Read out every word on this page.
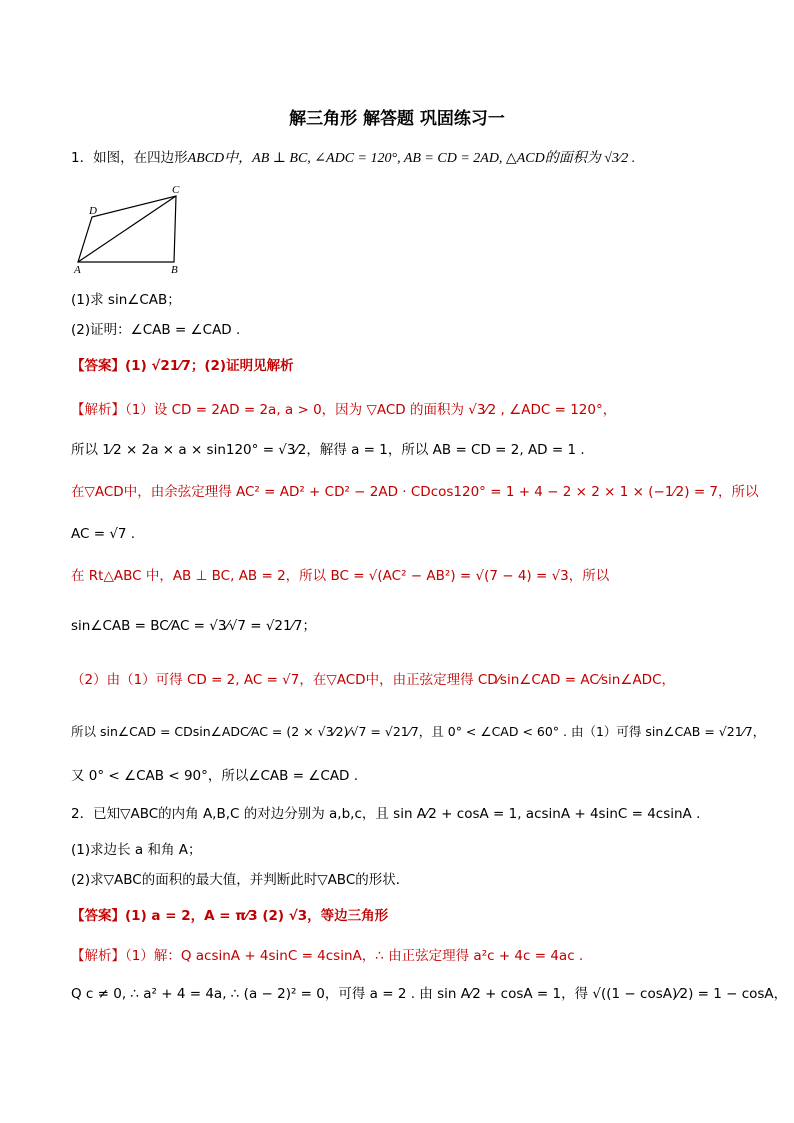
解三角形 解答题 巩固练习一
1．如图，在四边形ABCD中，AB ⊥ BC, ∠ADC = 120°, AB = CD = 2AD, △ACD的面积为 √3⁄2 .
D
C
A	B
(1)求 sin∠CAB；
(2)证明：∠CAB = ∠CAD .
【答案】(1) √21⁄7；(2)证明见解析
【解析】（1）设 CD = 2AD = 2a, a > 0，因为 ▽ACD 的面积为 √3⁄2 , ∠ADC = 120°，
所以 1⁄2 × 2a × a × sin120° = √3⁄2，解得 a = 1，所以 AB = CD = 2, AD = 1 .
在▽ACD中，由余弦定理得 AC² = AD² + CD² − 2AD · CDcos120° = 1 + 4 − 2 × 2 × 1 × (−1⁄2) = 7，所以
AC = √7 .
在 Rt△ABC 中，AB ⊥ BC, AB = 2，所以 BC = √(AC² − AB²) = √(7 − 4) = √3，所以
sin∠CAB = BC⁄AC = √3⁄√7 = √21⁄7；
（2）由（1）可得 CD = 2, AC = √7，在▽ACD中，由正弦定理得 CD⁄sin∠CAD = AC⁄sin∠ADC，
所以 sin∠CAD = CDsin∠ADC⁄AC = (2 × √3⁄2)⁄√7 = √21⁄7，且 0° < ∠CAD < 60° . 由（1）可得 sin∠CAB = √21⁄7，
又 0° < ∠CAB < 90°，所以∠CAB = ∠CAD .
2．已知▽ABC的内角 A,B,C 的对边分别为 a,b,c，且 sin A⁄2 + cosA = 1, acsinA + 4sinC = 4csinA .
(1)求边长 a 和角 A；
(2)求▽ABC的面积的最大值，并判断此时▽ABC的形状．
【答案】(1) a = 2，A = π⁄3 (2) √3，等边三角形
【解析】（1）解：Q acsinA + 4sinC = 4csinA，∴ 由正弦定理得 a²c + 4c = 4ac .
Q c ≠ 0, ∴ a² + 4 = 4a, ∴ (a − 2)² = 0，可得 a = 2 . 由 sin A⁄2 + cosA = 1，得 √((1 − cosA)⁄2) = 1 − cosA，
